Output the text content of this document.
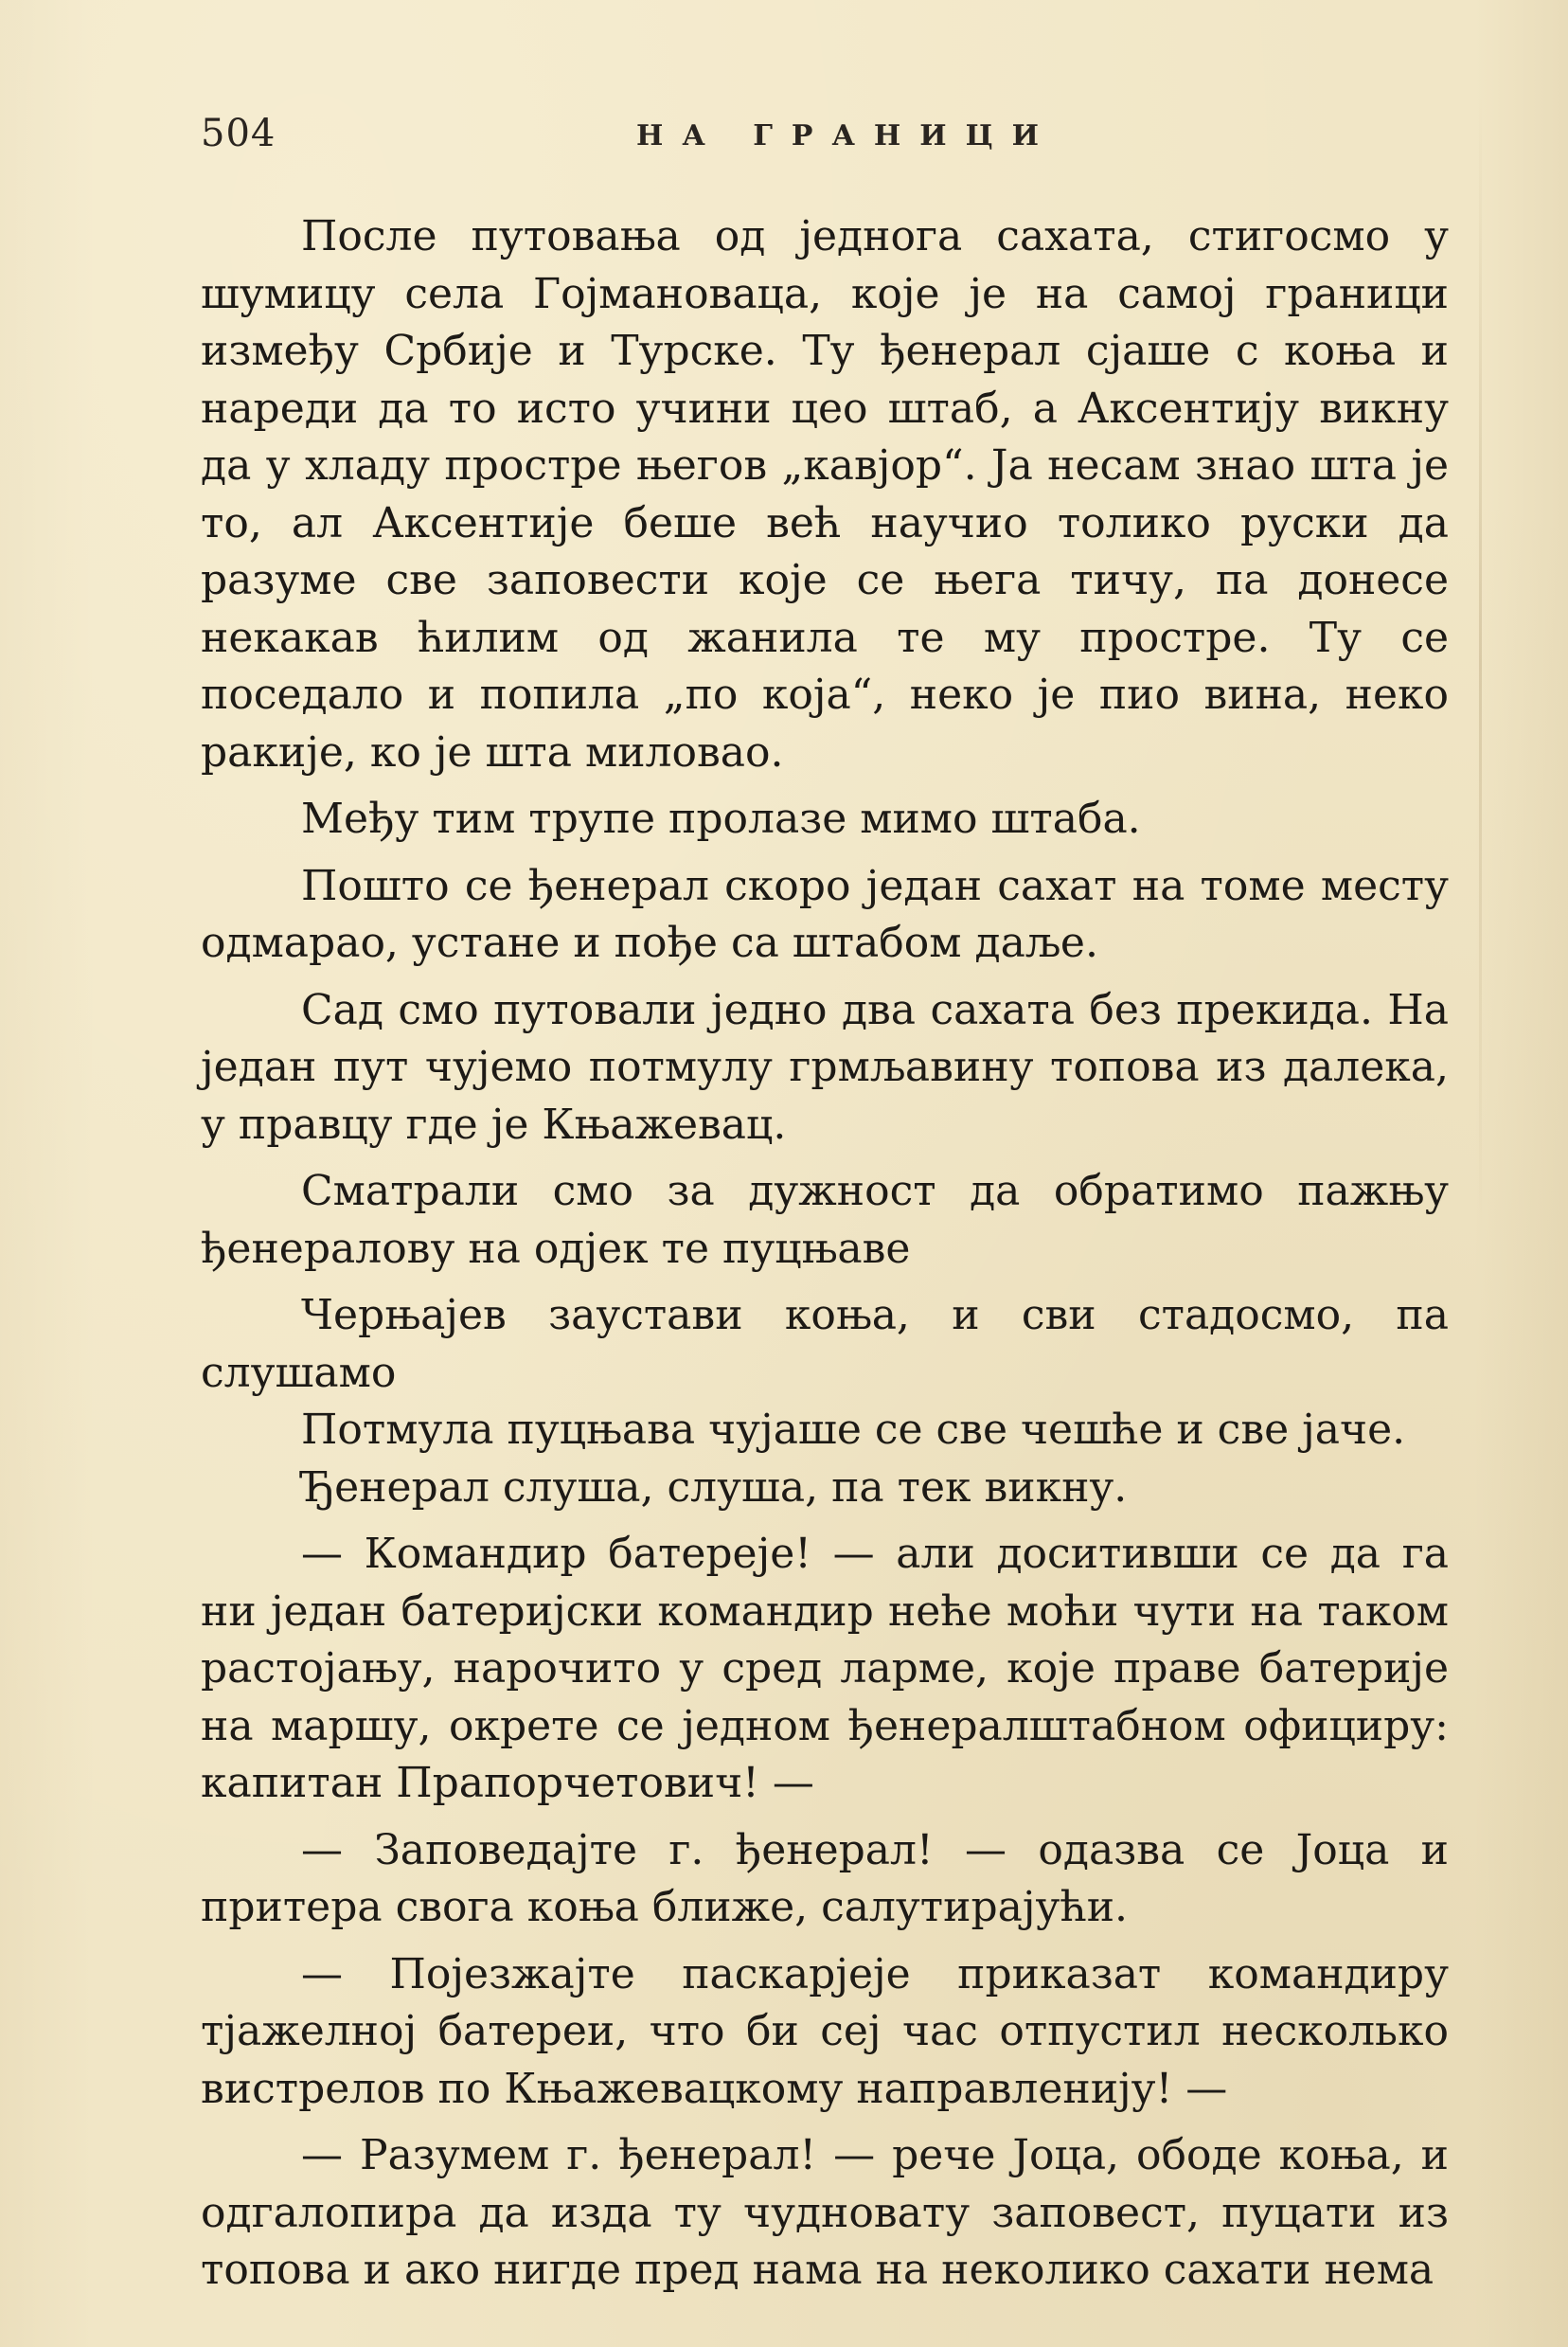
504	НА ГРАНИЦИ

После путовања од једнога сахата, стигосмо у шумицу села Гојмановаца, које је на самој граници између Србије и Турске. Ту ђенерал сјаше с коња и нареди да то исто учини цео штаб, а Аксентију викну да у хладу простре његов „кавјор“. Ја несам знао шта је то, ал Аксентије беше већ научио толико руски да разуме све заповести које се њега тичу, па донесе некакав ћилим од жанила те му простре. Ту се поседало и попила „по која“, неко је пио вина, неко ракије, ко је шта миловао.

Међу тим трупе пролазе мимо штаба.

Пошто се ђенерал скоро један сахат на томе месту одмарао, устане и пође са штабом даље.

Сад смо путовали једно два сахата без прекида. На један пут чујемо потмулу грмљавину топова из далека, у правцу где је Књажевац.

Сматрали смо за дужност да обратимо пажњу ђенералову на одјек те пуцњаве

Черњајев заустави коња, и сви стадосмо, па слушамо

Потмула пуцњава чујаше се све чешће и све јаче.

Ђенерал слуша, слуша, па тек викну.

— Командир батереје! — али доситивши се да га ни један батеријски командир неће моћи чути на таком растојању, нарочито у сред ларме, које праве батерије на маршу, окрете се једном ђенералштабном официру: капитан Прапорчетович! —

— Заповедајте г. ђенерал! — одазва се Јоца и притера свога коња ближе, салутирајући.

— Појезжајте паскарјеје приказат командиру тјажелној батереи, что би сеј час отпустил несколько вистрелов по Књажевацкому направленију! —

— Разумем г. ђенерал! — рече Јоца, ободе коња, и одгалопира да изда ту чудновату заповест, пуцати из топова и ако нигде пред нама на неколико сахати нема
